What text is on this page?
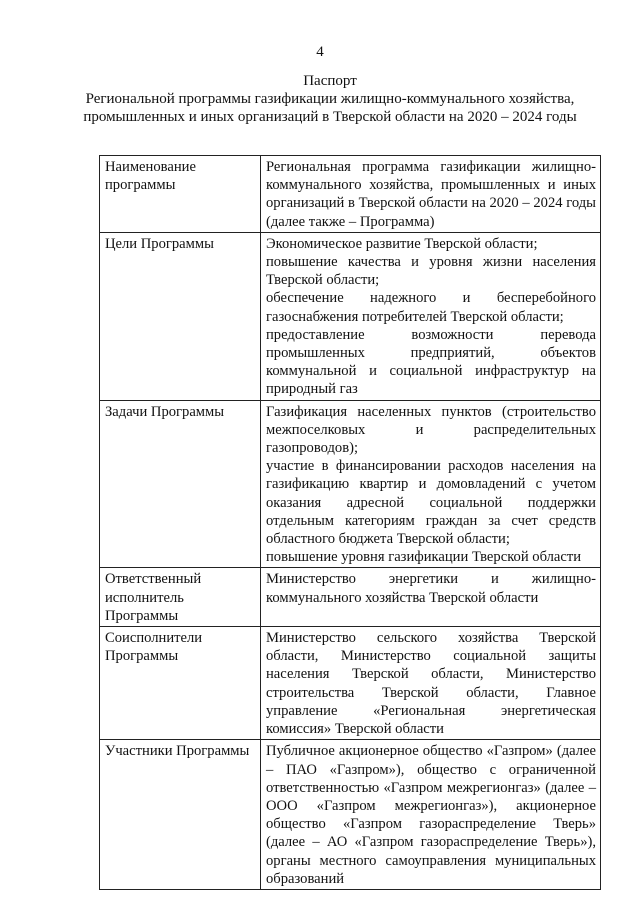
4
Паспорт
Региональной программы газификации жилищно-коммунального хозяйства,
промышленных и иных организаций в Тверской области на 2020 – 2024 годы
Наименование программы	Региональная программа газификации жилищно-коммунального хозяйства, промышленных и иных организаций в Тверской области на 2020 – 2024 годы (далее также – Программа)

Цели Программы	Экономическое развитие Тверской области;

повышение качества и уровня жизни населения Тверской области;

обеспечение надежного и бесперебойного газоснабжения потребителей Тверской области;

предоставление возможности перевода промышленных предприятий, объектов коммунальной и социальной инфраструктур на природный газ

Задачи Программы	Газификация населенных пунктов (строительство межпоселковых и распределительных газопроводов);

участие в финансировании расходов населения на газификацию квартир и домовладений с учетом оказания адресной социальной поддержки отдельным категориям граждан за счет средств областного бюджета Тверской области;

повышение уровня газификации Тверской области

Ответственный исполнитель Программы	Министерство энергетики и жилищно-коммунального хозяйства Тверской области

Соисполнители Программы	Министерство сельского хозяйства Тверской области, Министерство социальной защиты населения Тверской области, Министерство строительства Тверской области, Главное управление «Региональная энергетическая комиссия» Тверской области

Участники Программы	Публичное акционерное общество «Газпром» (далее – ПАО «Газпром»), общество с ограниченной ответственностью «Газпром межрегионгаз» (далее – ООО «Газпром межрегионгаз»), акционерное общество «Газпром газораспределение Тверь» (далее – АО «Газпром газораспределение Тверь»), органы местного самоуправления муниципальных образований
